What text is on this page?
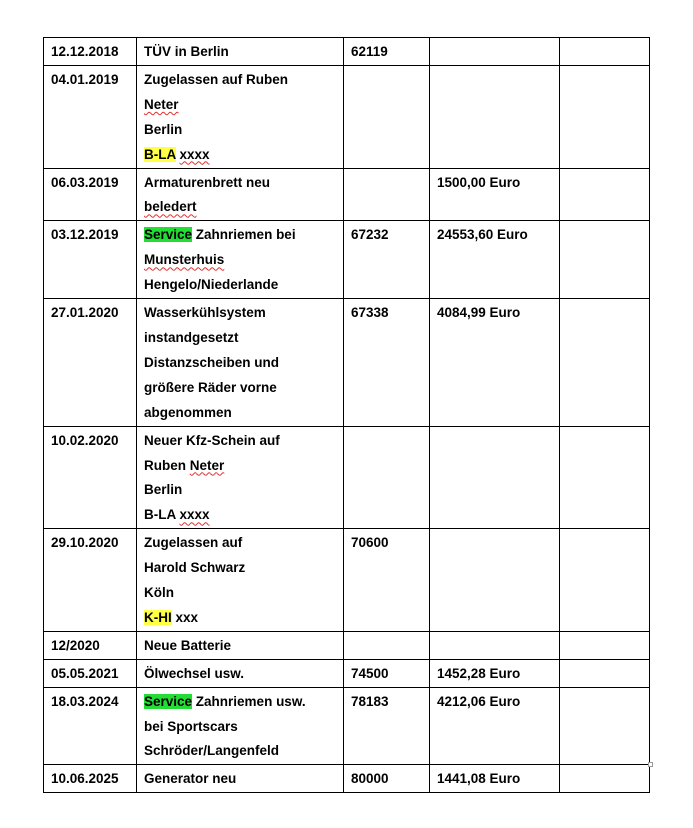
12.12.2018	TÜV in Berlin	62119		

04.01.2019	Zugelassen auf Ruben
Neter
Berlin
B-LA xxxx			

06.03.2019	Armaturenbrett neu
beledert		1500,00 Euro	

03.12.2019	Service Zahnriemen bei
Munsterhuis
Hengelo/Niederlande	67232	24553,60 Euro	

27.01.2020	Wasserkühlsystem
instandgesetzt
Distanzscheiben und
größere Räder vorne
abgenommen	67338	4084,99 Euro	

10.02.2020	Neuer Kfz-Schein auf
Ruben Neter
Berlin
B-LA xxxx			

29.10.2020	Zugelassen auf
Harold Schwarz
Köln
K-HI xxx	70600		

12/2020	Neue Batterie			

05.05.2021	Ölwechsel usw.	74500	1452,28 Euro	

18.03.2024	Service Zahnriemen usw.
bei Sportscars
Schröder/Langenfeld	78183	4212,06 Euro	

10.06.2025	Generator neu	80000	1441,08 Euro	
